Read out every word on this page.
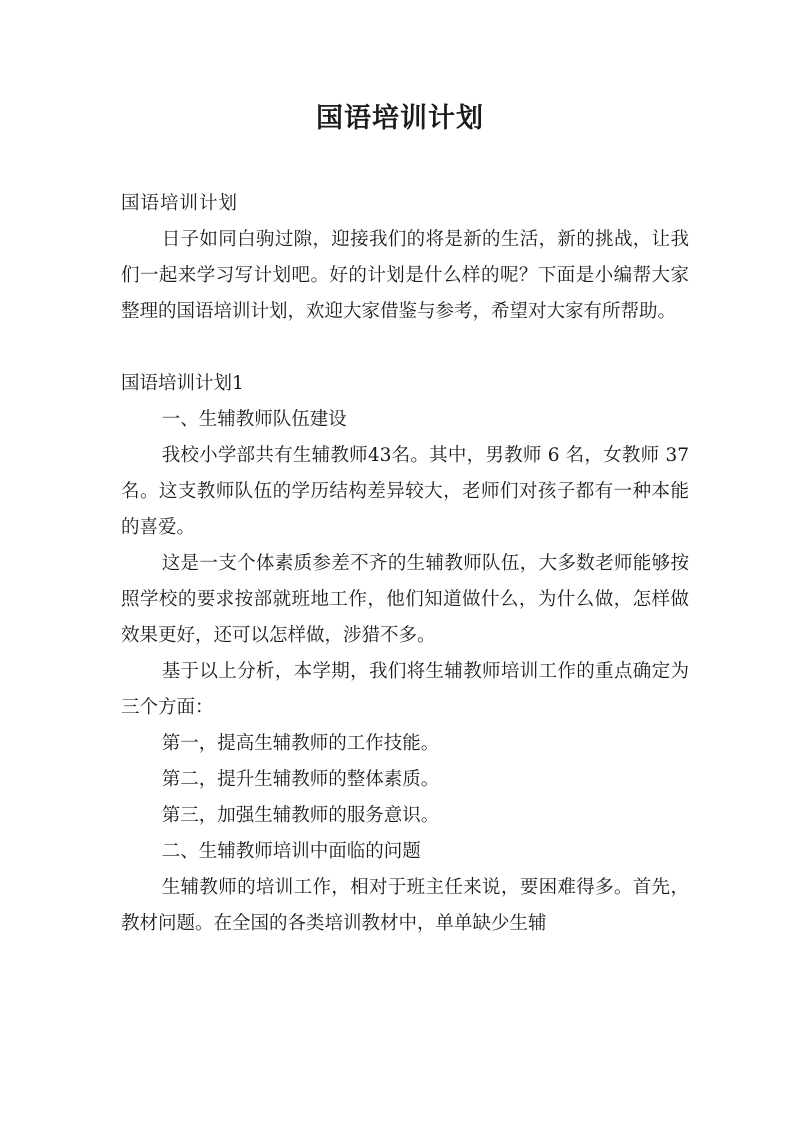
国语培训计划

国语培训计划

日子如同白驹过隙，迎接我们的将是新的生活，新的挑战，让我们一起来学习写计划吧。好的计划是什么样的呢？下面是小编帮大家整理的国语培训计划，欢迎大家借鉴与参考，希望对大家有所帮助。

国语培训计划1

一、生辅教师队伍建设

我校小学部共有生辅教师43名。其中，男教师 6 名，女教师 37 名。这支教师队伍的学历结构差异较大，老师们对孩子都有一种本能的喜爱。

这是一支个体素质参差不齐的生辅教师队伍，大多数老师能够按照学校的要求按部就班地工作，他们知道做什么，为什么做，怎样做效果更好，还可以怎样做，涉猎不多。

基于以上分析，本学期，我们将生辅教师培训工作的重点确定为三个方面：

第一，提高生辅教师的工作技能。

第二，提升生辅教师的整体素质。

第三，加强生辅教师的服务意识。

二、生辅教师培训中面临的问题

生辅教师的培训工作，相对于班主任来说，要困难得多。首先，教材问题。在全国的各类培训教材中，单单缺少生辅
